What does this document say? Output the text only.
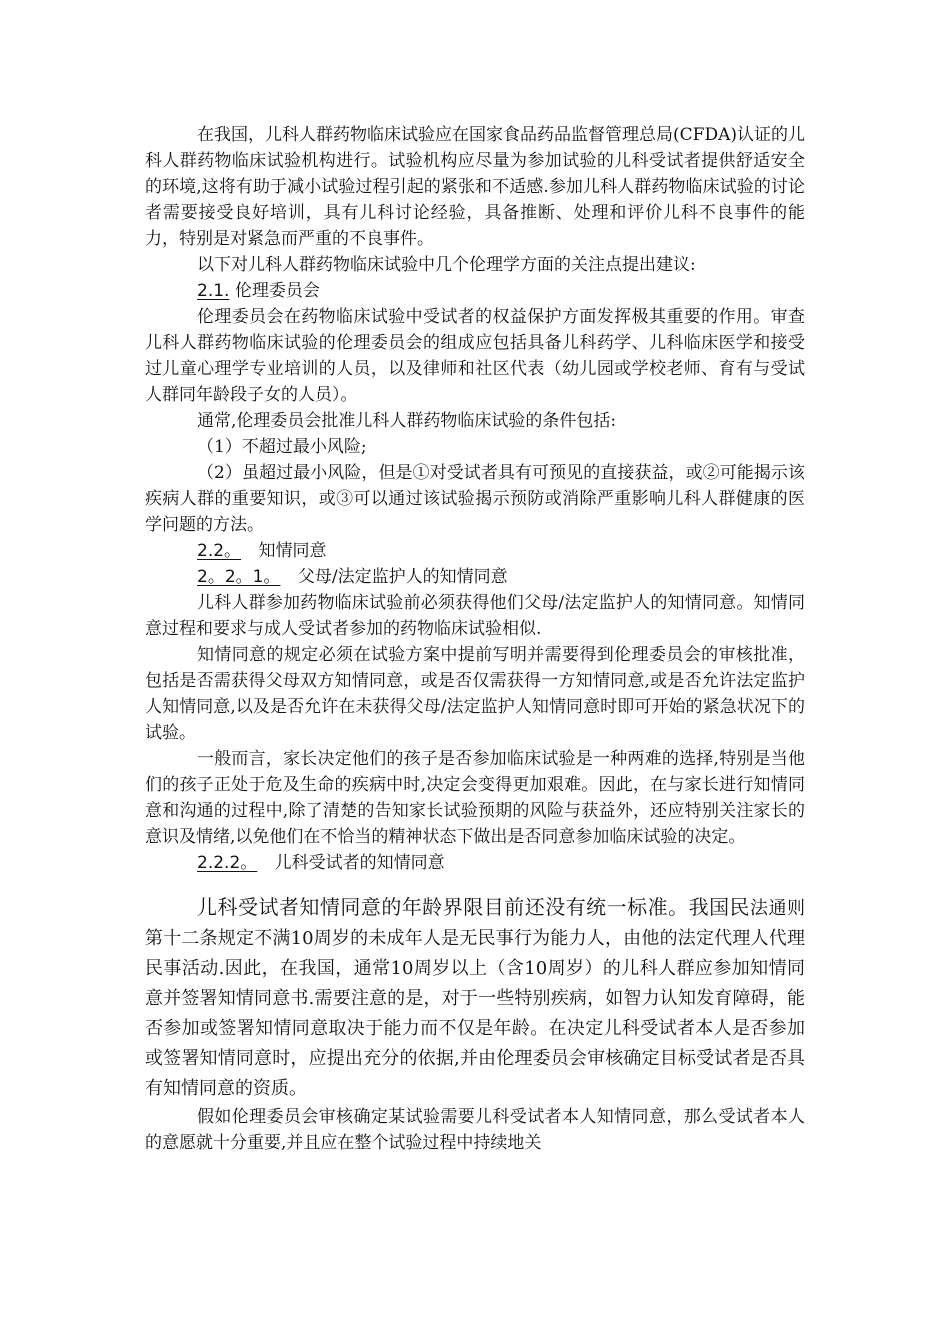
在我国，儿科人群药物临床试验应在国家食品药品监督管理总局(CFDA)认证的儿科人群药物临床试验机构进行。试验机构应尽量为参加试验的儿科受试者提供舒适安全的环境,这将有助于减小试验过程引起的紧张和不适感.参加儿科人群药物临床试验的讨论者需要接受良好培训，具有儿科讨论经验，具备推断、处理和评价儿科不良事件的能力，特别是对紧急而严重的不良事件。

以下对儿科人群药物临床试验中几个伦理学方面的关注点提出建议:

2.1. 伦理委员会

伦理委员会在药物临床试验中受试者的权益保护方面发挥极其重要的作用。审查儿科人群药物临床试验的伦理委员会的组成应包括具备儿科药学、儿科临床医学和接受过儿童心理学专业培训的人员，以及律师和社区代表（幼儿园或学校老师、育有与受试人群同年龄段子女的人员）。

通常,伦理委员会批准儿科人群药物临床试验的条件包括:

（1）不超过最小风险;

（2）虽超过最小风险，但是①对受试者具有可预见的直接获益，或②可能揭示该疾病人群的重要知识，或③可以通过该试验揭示预防或消除严重影响儿科人群健康的医学问题的方法。

2.2。 知情同意

2。2。1。 父母/法定监护人的知情同意

儿科人群参加药物临床试验前必须获得他们父母/法定监护人的知情同意。知情同意过程和要求与成人受试者参加的药物临床试验相似.

知情同意的规定必须在试验方案中提前写明并需要得到伦理委员会的审核批准，包括是否需获得父母双方知情同意，或是否仅需获得一方知情同意,或是否允许法定监护人知情同意,以及是否允许在未获得父母/法定监护人知情同意时即可开始的紧急状况下的试验。

一般而言，家长决定他们的孩子是否参加临床试验是一种两难的选择,特别是当他们的孩子正处于危及生命的疾病中时,决定会变得更加艰难。因此，在与家长进行知情同意和沟通的过程中,除了清楚的告知家长试验预期的风险与获益外，还应特别关注家长的意识及情绪,以免他们在不恰当的精神状态下做出是否同意参加临床试验的决定。

2.2.2。 儿科受试者的知情同意

儿科受试者知情同意的年龄界限目前还没有统一标准。我国民法通则第十二条规定不满10周岁的未成年人是无民事行为能力人，由他的法定代理人代理民事活动.因此，在我国，通常10周岁以上（含10周岁）的儿科人群应参加知情同意并签署知情同意书.需要注意的是，对于一些特别疾病，如智力认知发育障碍，能否参加或签署知情同意取决于能力而不仅是年龄。在决定儿科受试者本人是否参加或签署知情同意时，应提出充分的依据,并由伦理委员会审核确定目标受试者是否具有知情同意的资质。

假如伦理委员会审核确定某试验需要儿科受试者本人知情同意，那么受试者本人的意愿就十分重要,并且应在整个试验过程中持续地关
